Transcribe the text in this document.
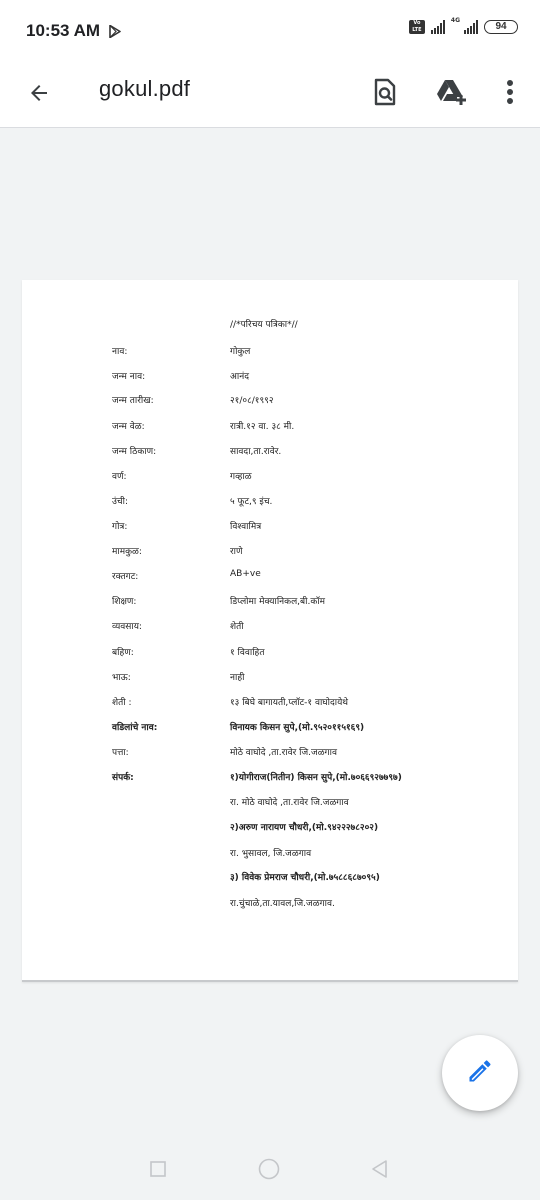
10:53 AM	Vo LTE
4G
94
gokul.pdf
//*परिचय पत्रिका*//
नाव:	गोकुल
जन्म नाव:	आनंद
जन्म तारीख:	२१/०८/१९९२
जन्म वेळ:	रात्री.१२ वा. ३८ मी.
जन्म ठिकाण:	सावदा,ता.रावेर.
वर्ण:	गव्हाळ
उंची:	५ फूट,९ इंच.
गोत्र:	विश्वामित्र
मामकुळ:	राणे
रक्तगट:	AB+ve
शिक्षण:	डिप्लोमा मेक्यानिकल,बी.कॉम
व्यवसाय:	शेती
बहिण:	१ विवाहित
भाऊ:	नाही
शेती :	१३ बिघे बागायती,प्लॉट-१ वाघोदायेथे
वडिलांचे नाव:	विनायक किसन सुपे,(मो.९५२०११५१६९)
पत्ता:	मोठे वाघोदे ,ता.रावेर जि.जळगाव
संपर्क:	१)योगीराज(नितीन) किसन सुपे,(मो.७०६६९२७७९७)
रा. मोठे वाघोदे ,ता.रावेर जि.जळगाव
२)अरुण नारायण चौधरी,(मो.९४२२२७८२०२)
रा. भुसावल, जि.जळगाव
३) विवेक प्रेमराज चौधरी,(मो.७५८८६८७०९५)
रा.चुंचाळे,ता.यावल,जि.जळगाव.
